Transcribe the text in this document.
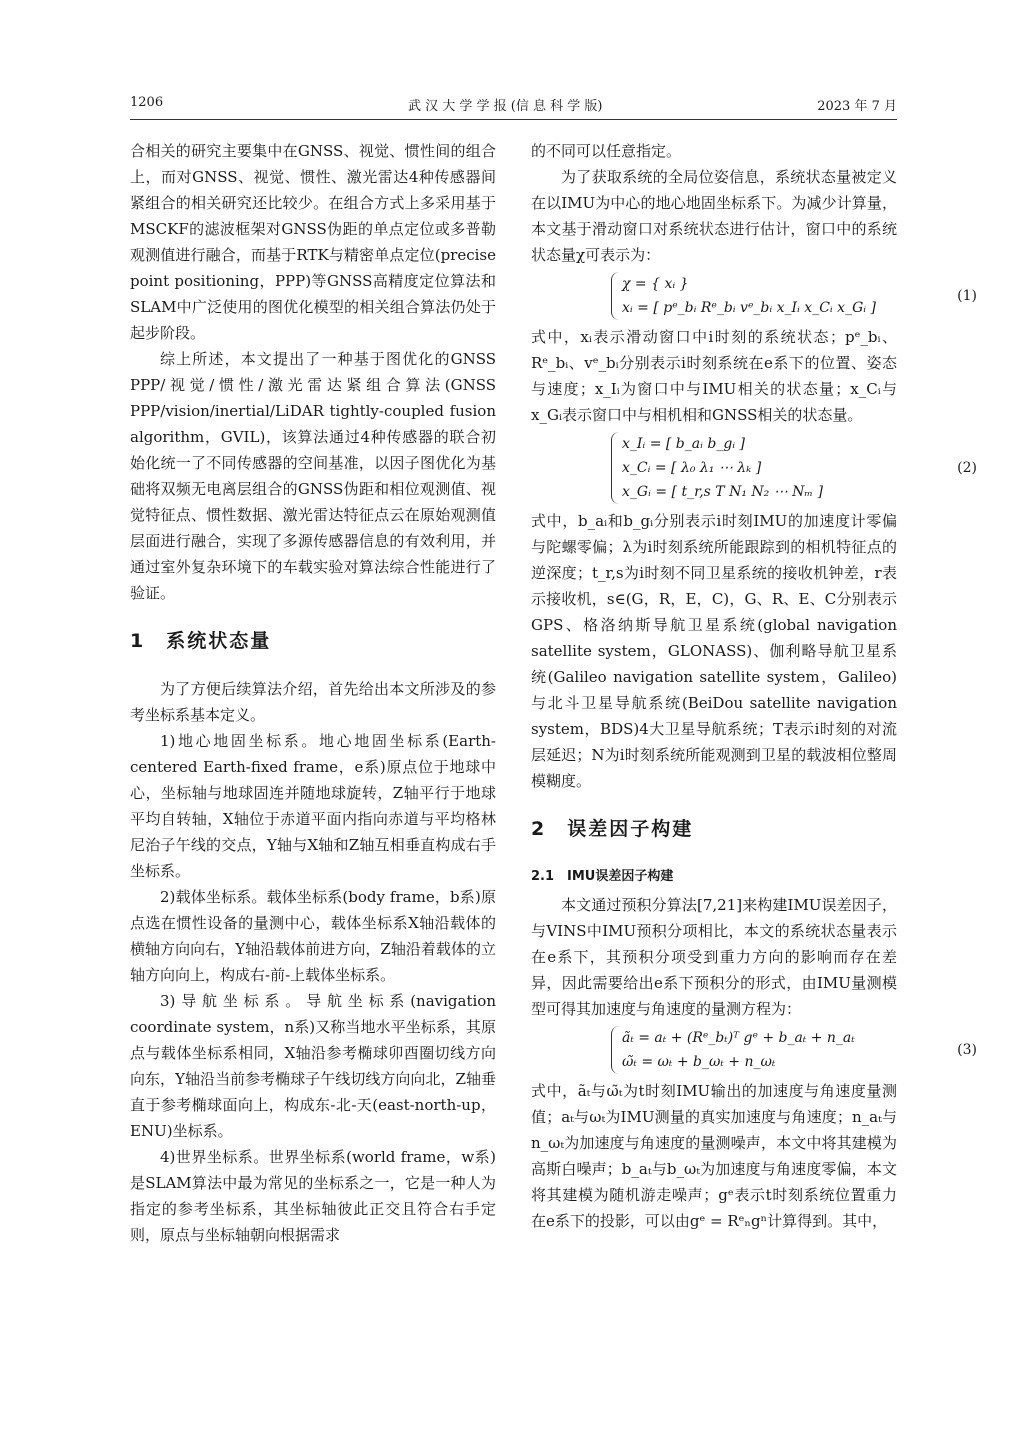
1206	武 汉 大 学 学 报 (信 息 科 学 版)	2023 年 7 月

合相关的研究主要集中在GNSS、视觉、惯性间的组合上，而对GNSS、视觉、惯性、激光雷达4种传感器间紧组合的相关研究还比较少。在组合方式上多采用基于MSCKF的滤波框架对GNSS伪距的单点定位或多普勒观测值进行融合，而基于RTK与精密单点定位(precise point positioning，PPP)等GNSS高精度定位算法和SLAM中广泛使用的图优化模型的相关组合算法仍处于起步阶段。

综上所述，本文提出了一种基于图优化的GNSS PPP/视觉/惯性/激光雷达紧组合算法(GNSS PPP/vision/inertial/LiDAR tightly-coupled fusion algorithm，GVIL)，该算法通过4种传感器的联合初始化统一了不同传感器的空间基准，以因子图优化为基础将双频无电离层组合的GNSS伪距和相位观测值、视觉特征点、惯性数据、激光雷达特征点云在原始观测值层面进行融合，实现了多源传感器信息的有效利用，并通过室外复杂环境下的车载实验对算法综合性能进行了验证。

1　系统状态量

为了方便后续算法介绍，首先给出本文所涉及的参考坐标系基本定义。

1)地心地固坐标系。地心地固坐标系(Earth-centered Earth-fixed frame，e系)原点位于地球中心，坐标轴与地球固连并随地球旋转，Z轴平行于地球平均自转轴，X轴位于赤道平面内指向赤道与平均格林尼治子午线的交点，Y轴与X轴和Z轴互相垂直构成右手坐标系。

2)载体坐标系。载体坐标系(body frame，b系)原点选在惯性设备的量测中心，载体坐标系X轴沿载体的横轴方向向右，Y轴沿载体前进方向，Z轴沿着载体的立轴方向向上，构成右-前-上载体坐标系。

3)导航坐标系。导航坐标系(navigation coordinate system，n系)又称当地水平坐标系，其原点与载体坐标系相同，X轴沿参考椭球卯酉圈切线方向向东，Y轴沿当前参考椭球子午线切线方向向北，Z轴垂直于参考椭球面向上，构成东-北-天(east-north-up，ENU)坐标系。

4)世界坐标系。世界坐标系(world frame，w系)是SLAM算法中最为常见的坐标系之一，它是一种人为指定的参考坐标系，其坐标轴彼此正交且符合右手定则，原点与坐标轴朝向根据需求

的不同可以任意指定。

为了获取系统的全局位姿信息，系统状态量被定义在以IMU为中心的地心地固坐标系下。为减少计算量，本文基于滑动窗口对系统状态进行估计，窗口中的系统状态量χ可表示为：

χ = { xᵢ }
xᵢ = [ pᵉ_bᵢ Rᵉ_bᵢ vᵉ_bᵢ x_Iᵢ x_Cᵢ x_Gᵢ ]
(1)

式中，xᵢ表示滑动窗口中i时刻的系统状态；pᵉ_bᵢ、Rᵉ_bᵢ、vᵉ_bᵢ分别表示i时刻系统在e系下的位置、姿态与速度；x_Iᵢ为窗口中与IMU相关的状态量；x_Cᵢ与x_Gᵢ表示窗口中与相机相和GNSS相关的状态量。

x_Iᵢ = [ b_aᵢ b_gᵢ ]
x_Cᵢ = [ λ₀ λ₁ ⋯ λₖ ]
x_Gᵢ = [ t_r,s T N₁ N₂ ⋯ Nₘ ]
(2)

式中，b_aᵢ和b_gᵢ分别表示i时刻IMU的加速度计零偏与陀螺零偏；λ为i时刻系统所能跟踪到的相机特征点的逆深度；t_r,s为i时刻不同卫星系统的接收机钟差，r表示接收机，s∈(G，R，E，C)，G、R、E、C分别表示GPS、格洛纳斯导航卫星系统(global navigation satellite system，GLONASS)、伽利略导航卫星系统(Galileo navigation satellite system，Galileo)与北斗卫星导航系统(BeiDou satellite navigation system，BDS)4大卫星导航系统；T表示i时刻的对流层延迟；N为i时刻系统所能观测到卫星的载波相位整周模糊度。

2　误差因子构建
2.1　IMU误差因子构建

本文通过预积分算法[7,21]来构建IMU误差因子，与VINS中IMU预积分项相比，本文的系统状态量表示在e系下，其预积分项受到重力方向的影响而存在差异，因此需要给出e系下预积分的形式，由IMU量测模型可得其加速度与角速度的量测方程为：

ãₜ = aₜ + (Rᵉ_bₜ)ᵀ gᵉ + b_aₜ + n_aₜ
ω̃ₜ = ωₜ + b_ωₜ + n_ωₜ
(3)

式中，ãₜ与ω̃ₜ为t时刻IMU输出的加速度与角速度量测值；aₜ与ωₜ为IMU测量的真实加速度与角速度；n_aₜ与n_ωₜ为加速度与角速度的量测噪声，本文中将其建模为高斯白噪声；b_aₜ与b_ωₜ为加速度与角速度零偏，本文将其建模为随机游走噪声；gᵉ表示t时刻系统位置重力在e系下的投影，可以由gᵉ = Rᵉₙgⁿ计算得到。其中，
